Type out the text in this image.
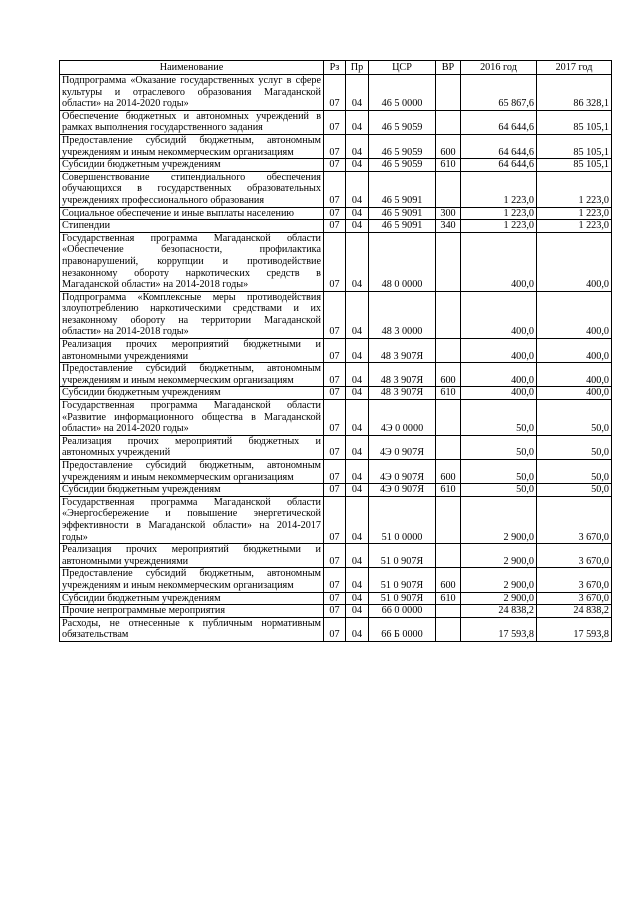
Наименование	Рз	Пр	ЦСР	ВР	2016 год	2017 год
Подпрограмма «Оказание государственных услуг в сфере культуры и отраслевого образования Магаданской области» на 2014-2020 годы»	07	04	46 5 0000		65 867,6	86 328,1
Обеспечение бюджетных и автономных учреждений в рамках выполнения государственного задания	07	04	46 5 9059		64 644,6	85 105,1
Предоставление субсидий бюджетным, автономным учреждениям и иным некоммерческим организациям	07	04	46 5 9059	600	64 644,6	85 105,1
Субсидии бюджетным учреждениям	07	04	46 5 9059	610	64 644,6	85 105,1
Совершенствование стипендиального обеспечения обучающихся в государственных образовательных учреждениях профессионального образования	07	04	46 5 9091		1 223,0	1 223,0
Социальное обеспечение и иные выплаты населению	07	04	46 5 9091	300	1 223,0	1 223,0
Стипендии	07	04	46 5 9091	340	1 223,0	1 223,0
Государственная программа Магаданской области «Обеспечение безопасности, профилактика правонарушений, коррупции и противодействие незаконному обороту наркотических средств в Магаданской области» на 2014-2018 годы»	07	04	48 0 0000		400,0	400,0
Подпрограмма «Комплексные меры противодействия злоупотреблению наркотическими средствами и их незаконному обороту на территории Магаданской области» на 2014-2018 годы»	07	04	48 3 0000		400,0	400,0
Реализация прочих мероприятий бюджетными и автономными учреждениями	07	04	48 3 907Я		400,0	400,0
Предоставление субсидий бюджетным, автономным учреждениям и иным некоммерческим организациям	07	04	48 3 907Я	600	400,0	400,0
Субсидии бюджетным учреждениям	07	04	48 3 907Я	610	400,0	400,0
Государственная программа Магаданской области «Развитие информационного общества в Магаданской области» на 2014-2020 годы»	07	04	4Э 0 0000		50,0	50,0
Реализация прочих мероприятий бюджетных и автономных учреждений	07	04	4Э 0 907Я		50,0	50,0
Предоставление субсидий бюджетным, автономным учреждениям и иным некоммерческим организациям	07	04	4Э 0 907Я	600	50,0	50,0
Субсидии бюджетным учреждениям	07	04	4Э 0 907Я	610	50,0	50,0
Государственная программа Магаданской области «Энергосбережение и повышение энергетической эффективности в Магаданской области» на 2014-2017 годы»	07	04	51 0 0000		2 900,0	3 670,0
Реализация прочих мероприятий бюджетными и автономными учреждениями	07	04	51 0 907Я		2 900,0	3 670,0
Предоставление субсидий бюджетным, автономным учреждениям и иным некоммерческим организациям	07	04	51 0 907Я	600	2 900,0	3 670,0
Субсидии бюджетным учреждениям	07	04	51 0 907Я	610	2 900,0	3 670,0
Прочие непрограммные мероприятия	07	04	66 0 0000		24 838,2	24 838,2
Расходы, не отнесенные к публичным нормативным обязательствам	07	04	66 Б 0000		17 593,8	17 593,8
